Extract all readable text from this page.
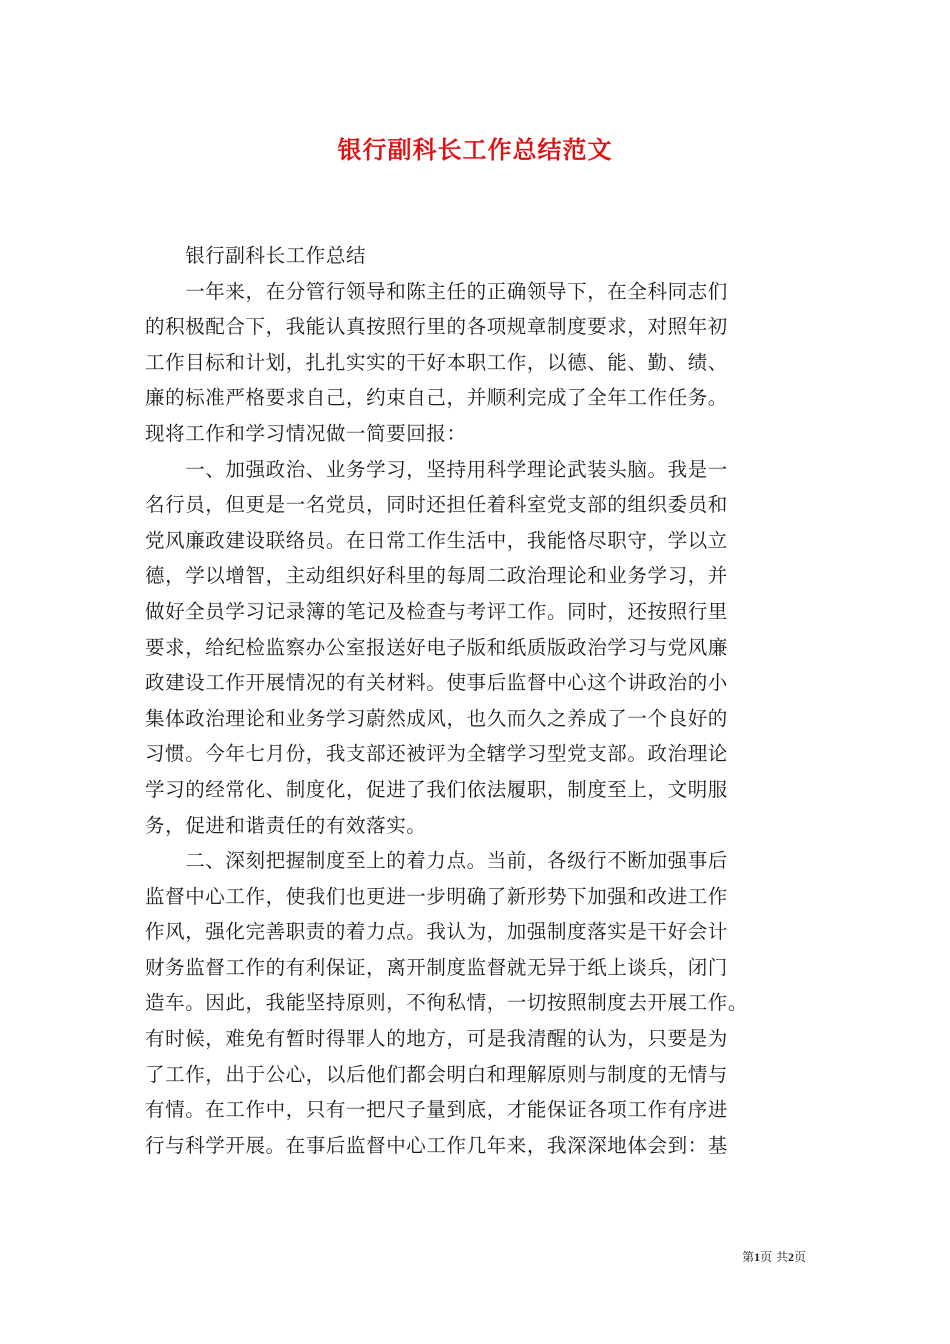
银行副科长工作总结范文
　　银行副科长工作总结
　　一年来，在分管行领导和陈主任的正确领导下，在全科同志们
的积极配合下，我能认真按照行里的各项规章制度要求，对照年初
工作目标和计划，扎扎实实的干好本职工作，以德、能、勤、绩、
廉的标准严格要求自己，约束自己，并顺利完成了全年工作任务。
现将工作和学习情况做一简要回报：
　　一、加强政治、业务学习，坚持用科学理论武装头脑。我是一
名行员，但更是一名党员，同时还担任着科室党支部的组织委员和
党风廉政建设联络员。在日常工作生活中，我能恪尽职守，学以立
德，学以增智，主动组织好科里的每周二政治理论和业务学习，并
做好全员学习记录簿的笔记及检查与考评工作。同时，还按照行里
要求，给纪检监察办公室报送好电子版和纸质版政治学习与党风廉
政建设工作开展情况的有关材料。使事后监督中心这个讲政治的小
集体政治理论和业务学习蔚然成风，也久而久之养成了一个良好的
习惯。今年七月份，我支部还被评为全辖学习型党支部。政治理论
学习的经常化、制度化，促进了我们依法履职，制度至上，文明服
务，促进和谐责任的有效落实。
　　二、深刻把握制度至上的着力点。当前，各级行不断加强事后
监督中心工作，使我们也更进一步明确了新形势下加强和改进工作
作风，强化完善职责的着力点。我认为，加强制度落实是干好会计
财务监督工作的有利保证，离开制度监督就无异于纸上谈兵，闭门
造车。因此，我能坚持原则，不徇私情，一切按照制度去开展工作。
有时候，难免有暂时得罪人的地方，可是我清醒的认为，只要是为
了工作，出于公心，以后他们都会明白和理解原则与制度的无情与
有情。在工作中，只有一把尺子量到底，才能保证各项工作有序进
行与科学开展。在事后监督中心工作几年来，我深深地体会到：基
第1页 共2页
